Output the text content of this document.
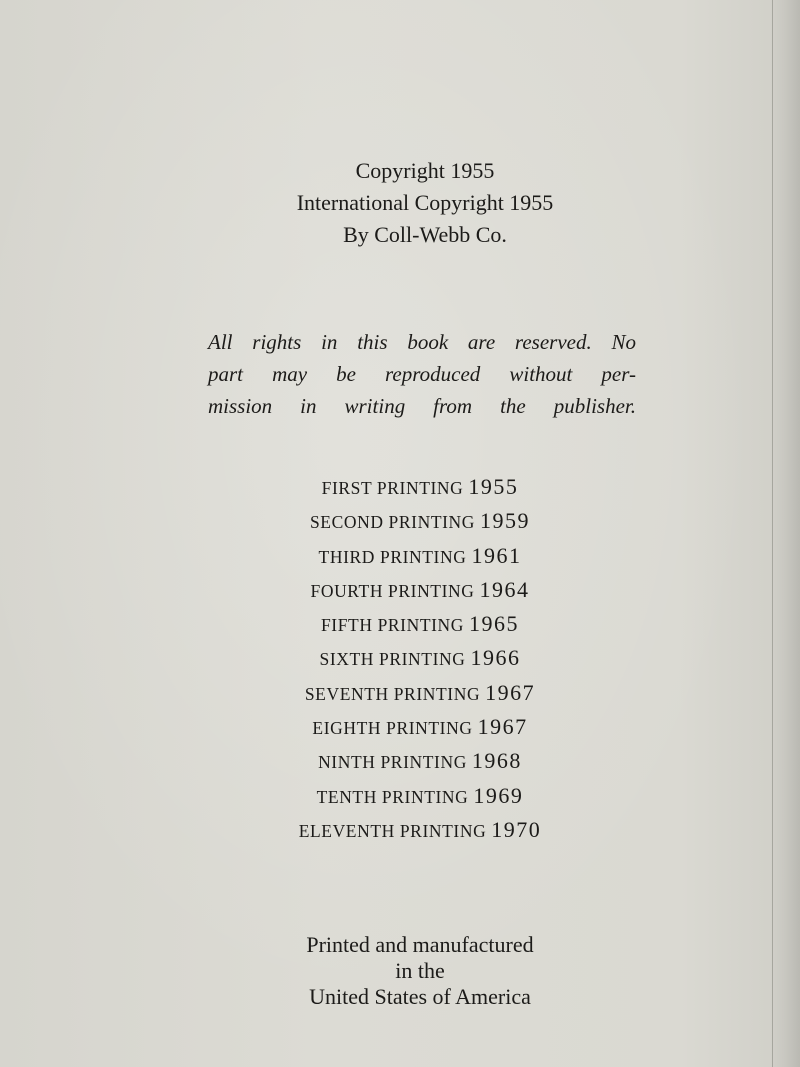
Copyright 1955
International Copyright 1955
By Coll-Webb Co.
All rights in this book are reserved. No
part may be reproduced without per-
mission in writing from the publisher.
FIRST PRINTING 1955
SECOND PRINTING 1959
THIRD PRINTING 1961
FOURTH PRINTING 1964
FIFTH PRINTING 1965
SIXTH PRINTING 1966
SEVENTH PRINTING 1967
EIGHTH PRINTING 1967
NINTH PRINTING 1968
TENTH PRINTING 1969
ELEVENTH PRINTING 1970
Printed and manufactured
in the
United States of America
